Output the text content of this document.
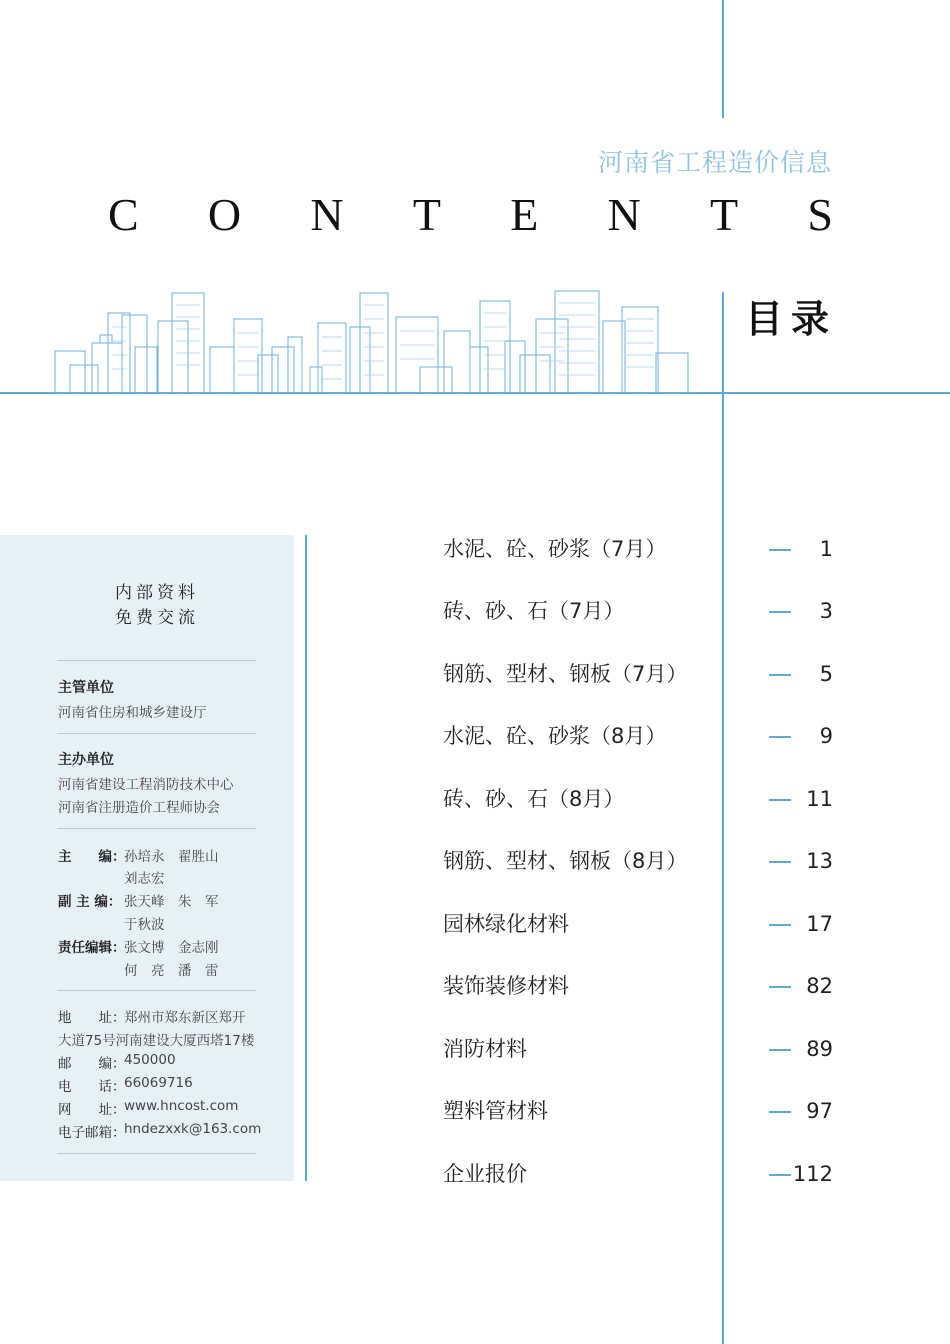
河南省工程造价信息
C O N T E N T S
目录
内部资料
免费交流
主管单位
河南省住房和城乡建设厅
主办单位
河南省建设工程消防技术中心
河南省注册造价工程师协会
主　　编：
孙培永　翟胜山
刘志宏
副 主 编： 张天峰　朱　军
于秋波
责任编辑：
张文博　金志刚
何　亮　潘　雷
地　　址：
郑州市郑东新区郑开
大道75号河南建设大厦西塔17楼
邮　　编：
450000
电　　话：
66069716
网　　址：
www.hncost.com
电子邮箱：
hndezxxk@163.com
水泥、砼、砂浆（7月）	1
砖、砂、石（7月）	3
钢筋、型材、钢板（7月）	5
水泥、砼、砂浆（8月）	9
砖、砂、石（8月）	11
钢筋、型材、钢板（8月）	13
园林绿化材料	17
装饰装修材料	82
消防材料	89
塑料管材料	97
企业报价	112
